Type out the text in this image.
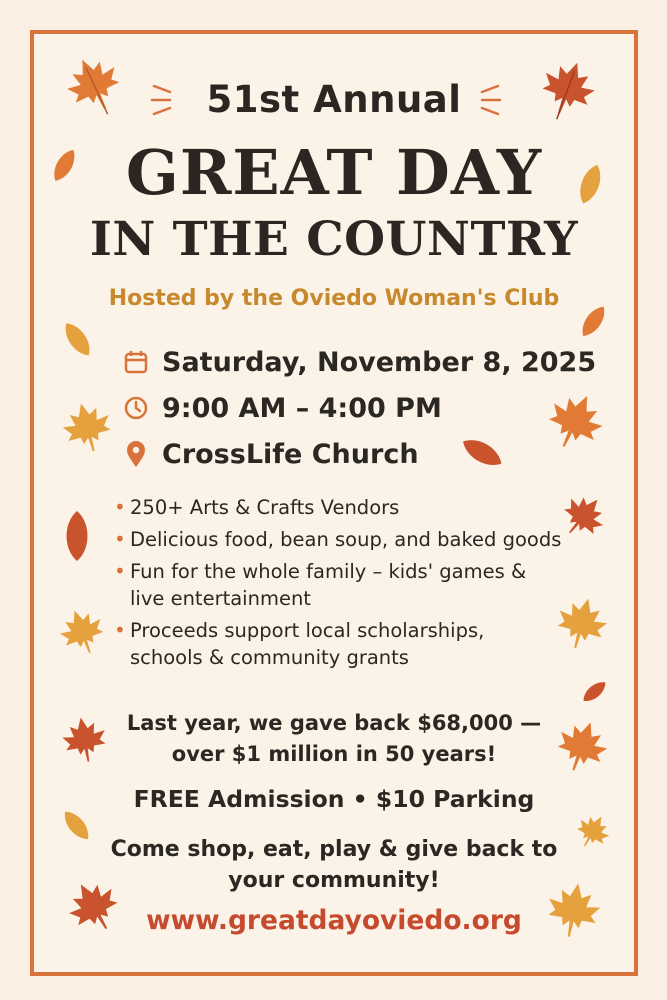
51st Annual
GREAT DAY
IN THE COUNTRY
Hosted by the Oviedo Woman's Club
Saturday, November 8, 2025
9:00 AM – 4:00 PM
CrossLife Church
• 250+ Arts & Crafts Vendors
• Delicious food, bean soup, and baked goods
• Fun for the whole family – kids' games &
live entertainment
• Proceeds support local scholarships,
schools & community grants
Last year, we gave back $68,000 —
over $1 million in 50 years!
FREE Admission • $10 Parking
Come shop, eat, play & give back to
your community!
www.greatdayoviedo.org
